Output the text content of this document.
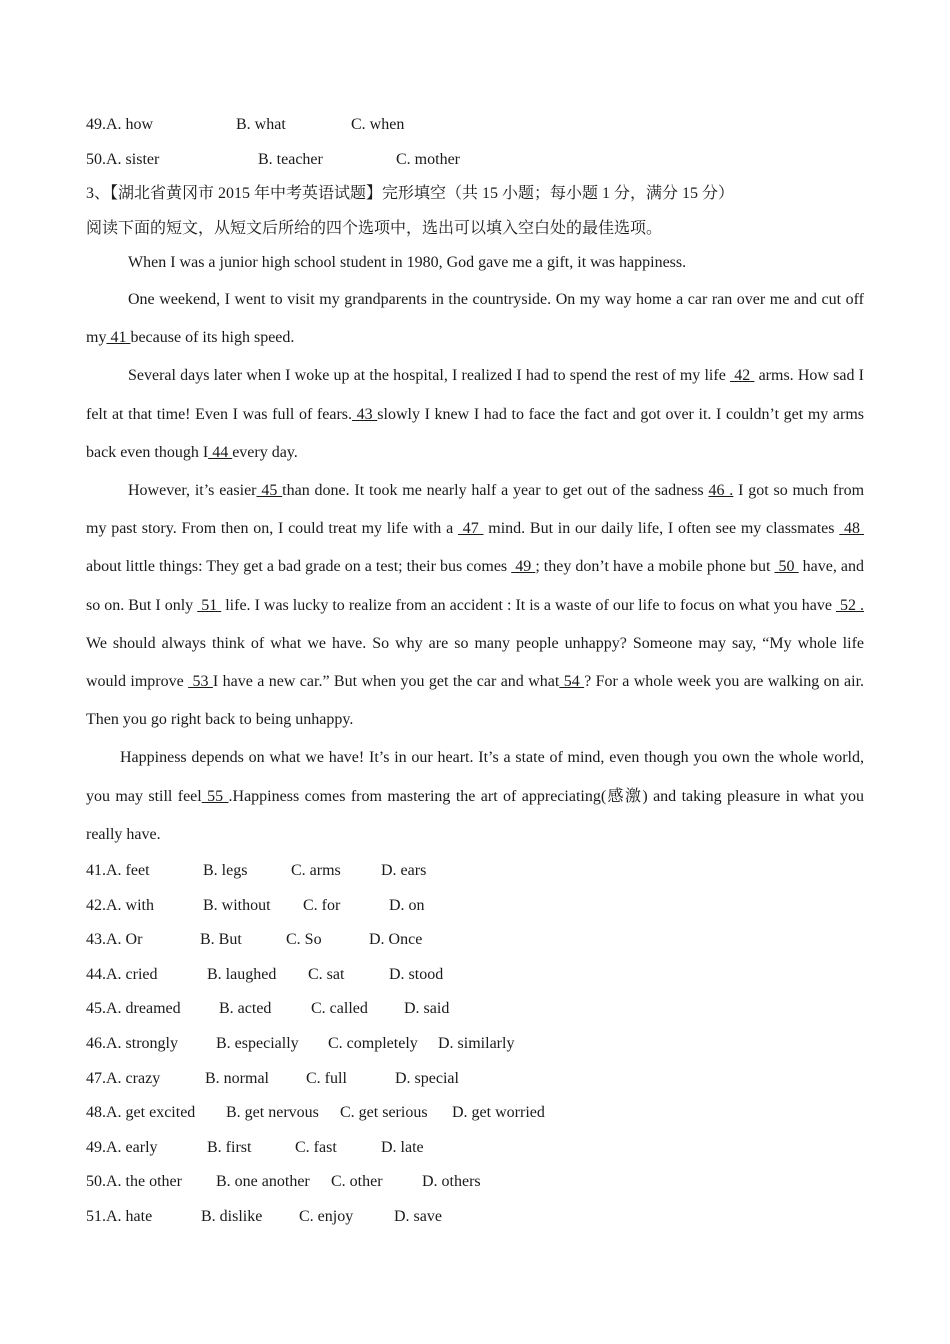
49. A. how	B. what	C. when
50. A. sister	B. teacher	C. mother
3、【湖北省黄冈市 2015 年中考英语试题】完形填空（共 15 小题；每小题 1 分，满分 15 分）
阅读下面的短文，从短文后所给的四个选项中，选出可以填入空白处的最佳选项。

When I was a junior high school student in 1980, God gave me a gift, it was happiness.

One weekend, I went to visit my grandparents in the countryside. On my way home a car ran over me and cut off my 41 because of its high speed.

Several days later when I woke up at the hospital, I realized I had to spend the rest of my life  42  arms. How sad I felt at that time! Even I was full of fears. 43 slowly I knew I had to face the fact and got over it. I couldn’t get my arms back even though I 44 every day.

However, it’s easier 45 than done. It took me nearly half a year to get out of the sadness 46 . I got so much from my past story. From then on, I could treat my life with a  47  mind. But in our daily life, I often see my classmates  48  about little things: They get a bad grade on a test; their bus comes  49 ; they don’t have a mobile phone but  50  have, and so on. But I only  51  life. I was lucky to realize from an accident : It is a waste of our life to focus on what you have  52 . We should always think of what we have. So why are so many people unhappy? Someone may say, “My whole life would improve  53 I have a new car.” But when you get the car and what 54 ? For a whole week you are walking on air. Then you go right back to being unhappy.

Happiness depends on what we have! It’s in our heart. It’s a state of mind, even though you own the whole world, you may still feel 55 .Happiness comes from mastering the art of appreciating(感激) and taking pleasure in what you really have.

41. A. feet	B. legs	C. arms	D. ears
42. A. with	B. without C. for	D. on
43. A. Or	B. But	C. So	D. Once
44. A. cried	B. laughed C. sat	D. stood
45. A. dreamed B. acted C. called D. said
46. A. strongly B. especially C. completely D. similarly
47. A. crazy	B. normal C. full	D. special
48. A. get excited B. get nervous C. get serious D. get worried
49. A. early	B. first	C. fast	D. late
50. A. the other B. one another C. other D. others
51. A. hate	B. dislike C. enjoy	D. save
